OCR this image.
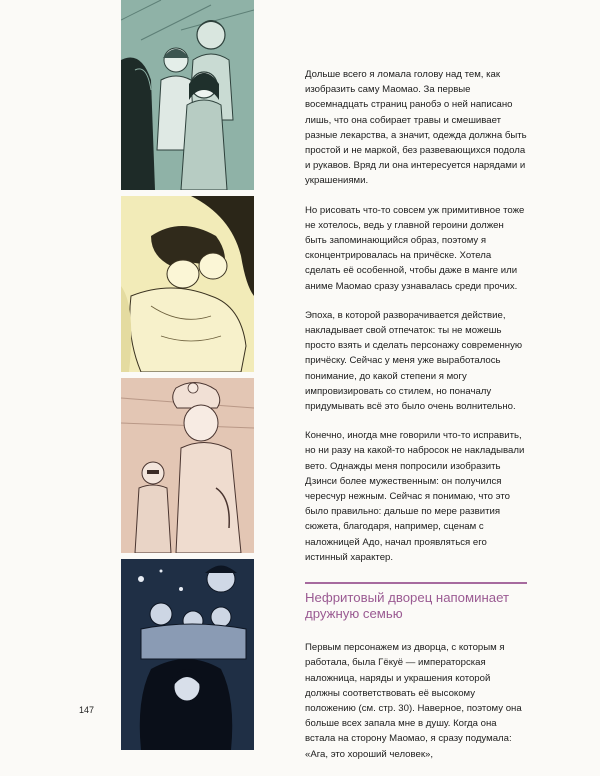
147

Дольше всего я ломала голову над тем, как изобразить саму Маомао. За первые восемнадцать страниц ранобэ о ней написано лишь, что она собирает травы и смешивает разные лекарства, а значит, одежда должна быть простой и не маркой, без развевающихся подола и рукавов. Вряд ли она интересуется нарядами и украшениями.

Но рисовать что-то совсем уж примитивное тоже не хотелось, ведь у главной героини должен быть запоминающийся образ, поэтому я сконцентрировалась на причёске. Хотела сделать её особенной, чтобы даже в манге или аниме Маомао сразу узнавалась среди прочих.

Эпоха, в которой разворачивается действие, накладывает свой отпечаток: ты не можешь просто взять и сделать персонажу современную причёску. Сейчас у меня уже выработалось понимание, до какой степени я могу импровизировать со стилем, но поначалу придумывать всё это было очень волнительно.

Конечно, иногда мне говорили что-то исправить, но ни разу на какой-то набросок не накладывали вето. Однажды меня попросили изобразить Дзинси более мужественным: он получился чересчур нежным. Сейчас я понимаю, что это было правильно: дальше по мере развития сюжета, благодаря, например, сценам с наложницей Адо, начал проявляться его истинный характер.

Нефритовый дворец напоминает дружную семью

Первым персонажем из дворца, с которым я работала, была Гёкуё — императорская наложница, наряды и украшения которой должны соответствовать её высокому положению (см. стр. 30). Наверное, поэтому она больше всех запала мне в душу. Когда она встала на сторону Маомао, я сразу подумала: «Ага, это хороший человек»,
